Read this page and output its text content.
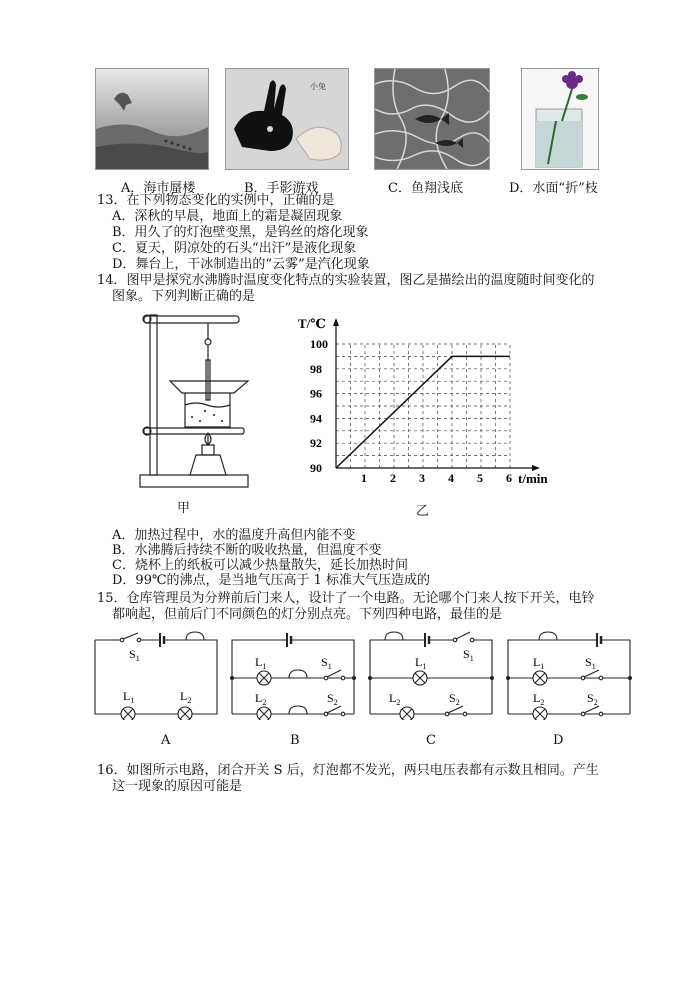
小兔
A．海市蜃楼	B．手影游戏	C．鱼翔浅底	D．水面“折”枝
13．在下列物态变化的实例中，正确的是
A．深秋的早晨，地面上的霜是凝固现象
B．用久了的灯泡壁变黑，是钨丝的熔化现象
C．夏天，阴凉处的石头“出汗”是液化现象
D．舞台上，干冰制造出的“云雾”是汽化现象
14．图甲是探究水沸腾时温度变化特点的实验装置，图乙是描绘出的温度随时间变化的
图象。下列判断正确的是
甲
1 2 3 4 5 6
90
92
94
96
98
100
T/℃
t/min
乙
A．加热过程中，水的温度升高但内能不变
B．水沸腾后持续不断的吸收热量，但温度不变
C．烧杯上的纸板可以减少热量散失，延长加热时间
D．99℃的沸点，是当地气压高于 1 标准大气压造成的
15．仓库管理员为分辨前后门来人，设计了一个电路。无论哪个门来人按下开关，电铃
都响起，但前后门不同颜色的灯分别点亮。下列四种电路，最佳的是
$S_1$
$L_1$	$L_2$
A
$L_1$	$S_1$
$L_2$	$S_2$
B
$S_1$
$L_1$
$L_2$	$S_2$
C
$L_1$	$S_1$
$L_2$	$S_2$
D
16．如图所示电路，闭合开关 S 后，灯泡都不发光，两只电压表都有示数且相同。产生
这一现象的原因可能是
